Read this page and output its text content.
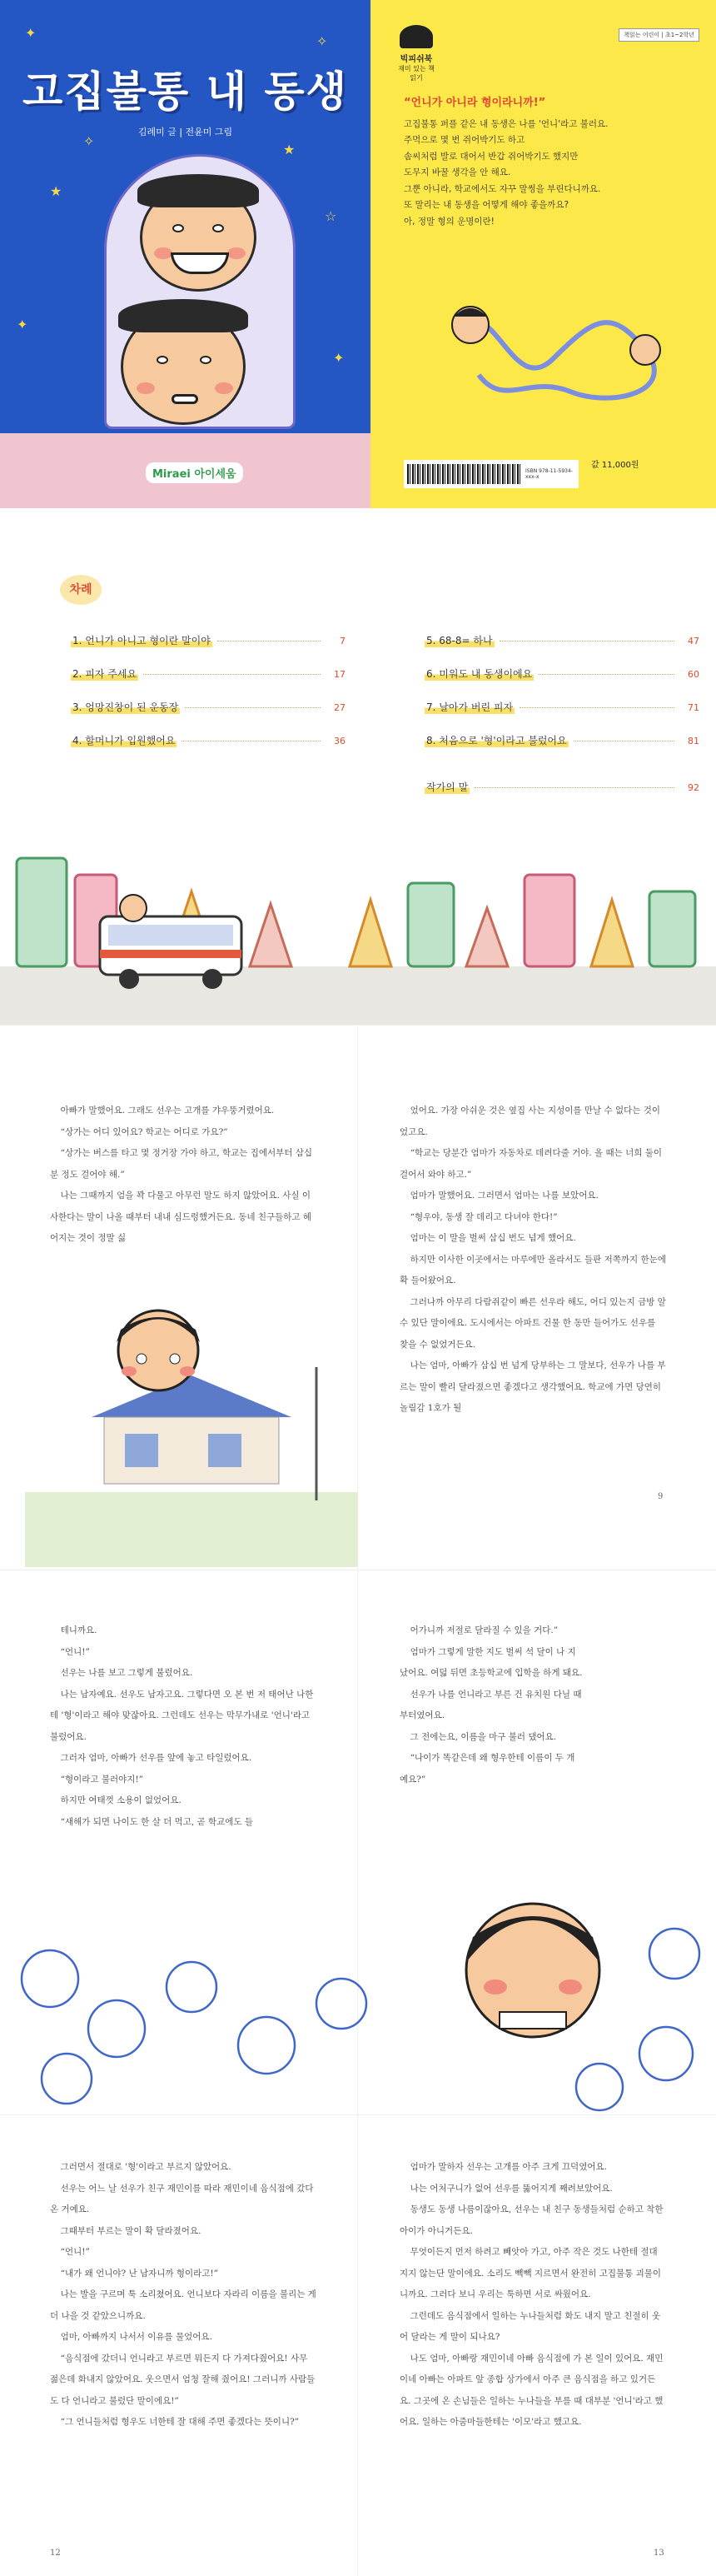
✦
✧
★
☆
✦
✦
✧
★
고집불통 내 동생
김례미 글 | 전윤미 그림
Miraei 아이세움
빅피쉬북
재미 있는 책 읽기
책읽는 어린이 | 초1~2학년
“언니가 아니라 형이라니까!”
고집불통 퍼플 같은 내 동생은 나를 '언니'라고 불러요.
주먹으로 몇 번 쥐어박기도 하고
솜씨처럼 발로 대어서 반갑 쥐어박기도 했지만
도무지 바꿀 생각을 안 해요.
그뿐 아니라, 학교에서도 자꾸 말썽을 부린다니까요.
또 말리는 내 동생을 어떻게 해야 좋을까요?
아, 정말 형의 운명이란!
ISBN 978-11-5934-xxx-x
값 11,000원
차례
1. 언니가 아니고 형이란 말이야	7
2. 피자 주세요	17
3. 엉망진창이 된 운동장	27
4. 할머니가 입원했어요	36
5. 68-8= 하나	47
6. 미워도 내 동생이에요	60
7. 날아가 버린 피자	71
8. 처음으로 '형'이라고 불렀어요	81
작가의 말	92

아빠가 말했어요. 그래도 선우는 고개를 갸우뚱거렸어요.

“상가는 어디 있어요? 학교는 어디로 가요?”

“상가는 버스를 타고 몇 정거장 가야 하고, 학교는 집에서부터 삼십 분 정도 걸어야 해.”

나는 그때까지 엄을 꽉 다물고 아무런 말도 하지 않았어요. 사실 이사한다는 말이 나올 때부터 내내 심드렁했거든요. 동네 친구들하고 헤어지는 것이 정말 싫

었어요. 가장 아쉬운 것은 옆집 사는 지성이를 만날 수 없다는 것이었고요.

“학교는 당분간 엄마가 자동차로 데려다줄 거야. 올 때는 너희 둘이 걸어서 와야 하고.”

엄마가 말했어요. 그러면서 엄마는 나를 보았어요.

“형우야, 동생 잘 데리고 다녀야 한다!”

엄마는 이 말을 벌써 삼십 번도 넘게 했어요.

하지만 이사한 이곳에서는 마루에만 올라서도 들판 저쪽까지 한눈에 확 들어왔어요.

그러나까 아무리 다람쥐같이 빠른 선우라 해도, 어디 있는지 금방 알 수 있단 말이에요. 도시에서는 아파트 건물 한 동만 들어가도 선우를 찾을 수 없었거든요.

나는 엄마, 아빠가 삼십 번 넘게 당부하는 그 말보다, 선우가 나를 부르는 말이 빨리 달라졌으면 좋겠다고 생각했어요. 학교에 가면 당연히 놀림감 1호가 될

9

테니까요.

“언니!”

선우는 나를 보고 그렇게 불렀어요.

나는 남자예요. 선우도 남자고요. 그렇다면 오 본 번 저 태어난 나한테 '형'이라고 해야 맞잖아요. 그런데도 선우는 막무가내로 '언니'라고 불렀어요.

그러자 엄마, 아빠가 선우를 앞에 놓고 타일렀어요.

“형이라고 불러야지!”

하지만 여태껏 소용이 없었어요.

“새해가 되면 나이도 한 살 더 먹고, 곧 학교에도 들

어가니까 저절로 달라질 수 있을 거다.”

엄마가 그렇게 말한 지도 벌써 석 달이 나 지났어요. 여덟 뒤면 초등학교에 입학을 하게 돼요.

선우가 나를 언니라고 부른 건 유치원 다닐 때부터였어요.

그 전에는요, 이름을 마구 불러 댔어요.

“나이가 똑같은데 왜 형우한테 이름이 두 개예요?”

그러면서 절대로 '형'이라고 부르지 않았어요.

선우는 어느 날 선우가 친구 재민이를 따라 재민이네 음식점에 갔다 온 거예요.

그때부터 부르는 말이 확 달라졌어요.

“언니!”

“내가 왜 언니야? 난 남자니까 형이라고!”

나는 발을 구르며 툭 소리쳤어요. 언니보다 자라리 이름을 불리는 게 더 나을 것 같았으니까요.

엄마, 아빠까지 나서서 이유를 물었어요.

“음식점에 갔더니 언니라고 부르면 뭐든지 다 가져다줬어요! 사무 젊은데 화내지 않았어요. 웃으면서 엄청 잘해 줬어요! 그러니까 사람들도 다 언니라고 불렀단 말이에요!”

“그 언니들처럼 형우도 너한테 잘 대해 주면 좋겠다는 뜻이니?”

엄마가 말하자 선우는 고개를 아주 크게 끄덕였어요.

나는 어처구니가 없어 선우를 뚫어지게 째려보았어요.

동생도 동생 나름이잖아요, 선우는 내 친구 동생들처럼 순하고 착한 아이가 아니거든요.

무엇이든지 먼저 하려고 빼앗아 가고, 아주 작은 것도 나한테 절대 지지 않는단 말이에요. 소리도 빽빽 지르면서 완전히 고집불통 괴물이니까요. 그러다 보니 우리는 툭하면 서로 싸웠어요.

그런데도 음식점에서 일하는 누나들처럼 화도 내지 말고 친절히 웃어 달라는 게 말이 되나요?

나도 엄마, 아빠랑 재민이네 아빠 음식점에 가 본 일이 있어요. 재민이네 아빠는 아파트 앞 종합 상가에서 아주 큰 음식점을 하고 있거든요. 그곳에 온 손님들은 일하는 누나들을 부를 때 대부분 '언니'라고 했어요. 일하는 아줌마들한테는 '이모'라고 했고요.

12	13
